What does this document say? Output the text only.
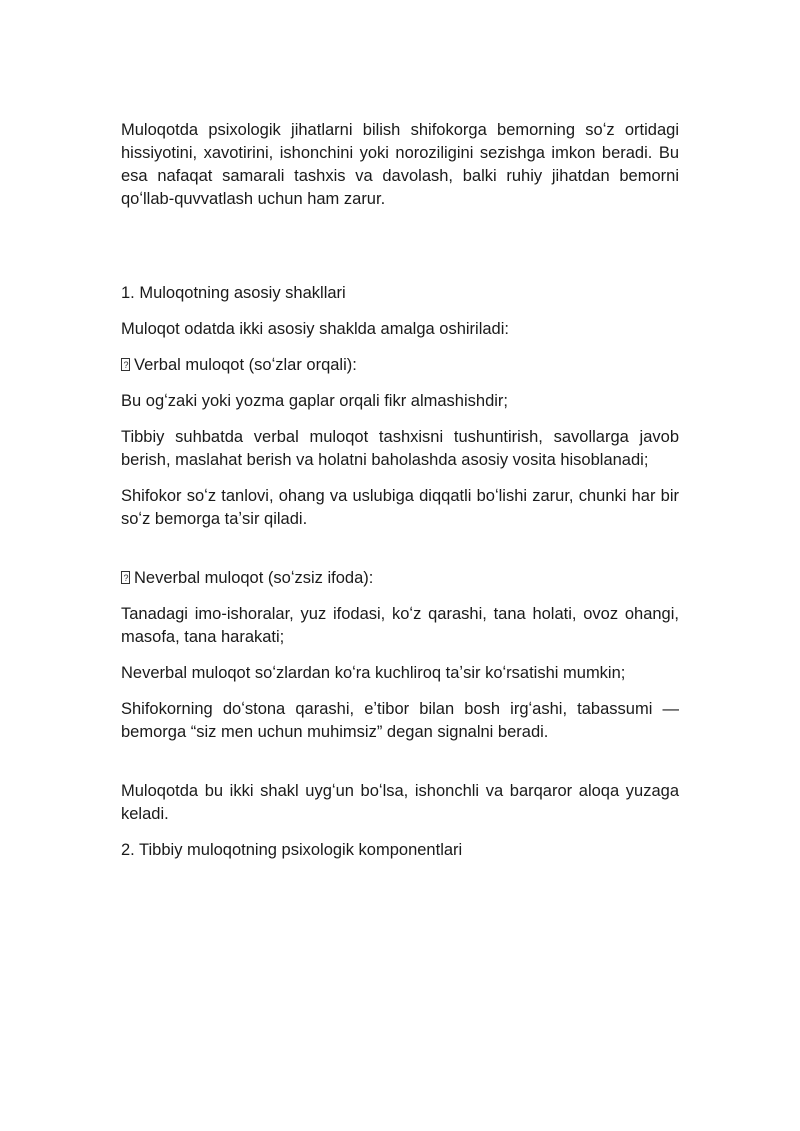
Muloqotda psixologik jihatlarni bilish shifokorga bemorning soʻz ortidagi hissiyotini, xavotirini, ishonchini yoki noroziligini sezishga imkon beradi. Bu esa nafaqat samarali tashxis va davolash, balki ruhiy jihatdan bemorni qoʻllab-quvvatlash uchun ham zarur.

1. Muloqotning asosiy shakllari

Muloqot odatda ikki asosiy shaklda amalga oshiriladi:

?Verbal muloqot (soʻzlar orqali):

Bu ogʻzaki yoki yozma gaplar orqali fikr almashishdir;

Tibbiy suhbatda verbal muloqot tashxisni tushuntirish, savollarga javob berish, maslahat berish va holatni baholashda asosiy vosita hisoblanadi;

Shifokor soʻz tanlovi, ohang va uslubiga diqqatli boʻlishi zarur, chunki har bir soʻz bemorga taʼsir qiladi.

?Neverbal muloqot (soʻzsiz ifoda):

Tanadagi imo-ishoralar, yuz ifodasi, koʻz qarashi, tana holati, ovoz ohangi, masofa, tana harakati;

Neverbal muloqot soʻzlardan koʻra kuchliroq taʼsir koʻrsatishi mumkin;

Shifokorning doʻstona qarashi, eʼtibor bilan bosh irgʻashi, tabassumi — bemorga “siz men uchun muhimsiz” degan signalni beradi.

Muloqotda bu ikki shakl uygʻun boʻlsa, ishonchli va barqaror aloqa yuzaga keladi.

2. Tibbiy muloqotning psixologik komponentlari
